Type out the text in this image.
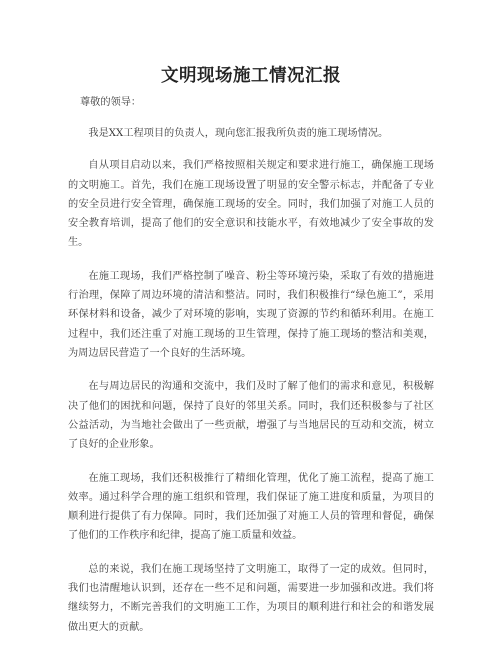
文明现场施工情况汇报

尊敬的领导：

我是XX工程项目的负责人，现向您汇报我所负责的施工现场情况。

自从项目启动以来，我们严格按照相关规定和要求进行施工，确保施工现场的文明施工。首先，我们在施工现场设置了明显的安全警示标志，并配备了专业的安全员进行安全管理，确保施工现场的安全。同时，我们加强了对施工人员的安全教育培训，提高了他们的安全意识和技能水平，有效地减少了安全事故的发生。

在施工现场，我们严格控制了噪音、粉尘等环境污染，采取了有效的措施进行治理，保障了周边环境的清洁和整洁。同时，我们积极推行“绿色施工”，采用环保材料和设备，减少了对环境的影响，实现了资源的节约和循环利用。在施工过程中，我们还注重了对施工现场的卫生管理，保持了施工现场的整洁和美观，为周边居民营造了一个良好的生活环境。

在与周边居民的沟通和交流中，我们及时了解了他们的需求和意见，积极解决了他们的困扰和问题，保持了良好的邻里关系。同时，我们还积极参与了社区公益活动，为当地社会做出了一些贡献，增强了与当地居民的互动和交流，树立了良好的企业形象。

在施工现场，我们还积极推行了精细化管理，优化了施工流程，提高了施工效率。通过科学合理的施工组织和管理，我们保证了施工进度和质量，为项目的顺利进行提供了有力保障。同时，我们还加强了对施工人员的管理和督促，确保了他们的工作秩序和纪律，提高了施工质量和效益。

总的来说，我们在施工现场坚持了文明施工，取得了一定的成效。但同时，我们也清醒地认识到，还存在一些不足和问题，需要进一步加强和改进。我们将继续努力，不断完善我们的文明施工工作，为项目的顺利进行和社会的和谐发展做出更大的贡献。
